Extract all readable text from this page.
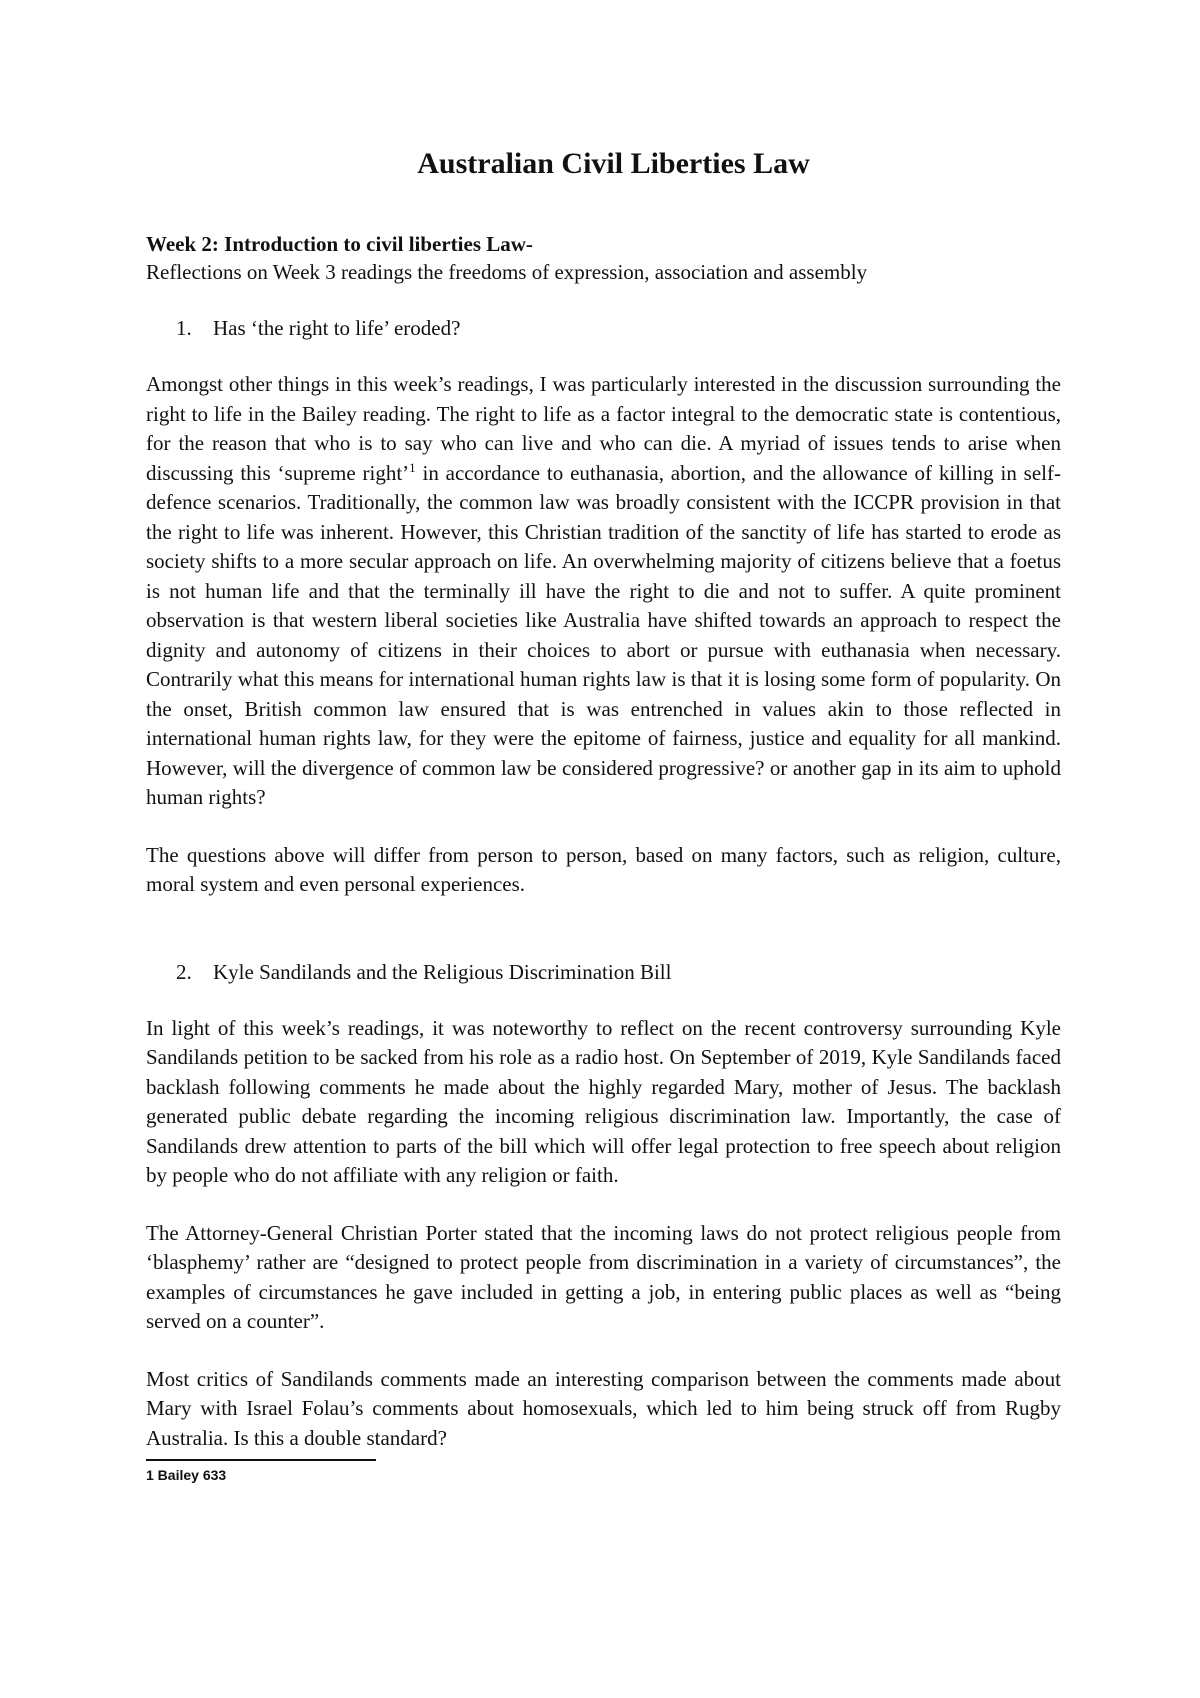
Australian Civil Liberties Law

Week 2: Introduction to civil liberties Law-

Reflections on Week 3 readings the freedoms of expression, association and assembly

1.	Has ‘the right to life’ eroded?

Amongst other things in this week’s readings, I was particularly interested in the discussion surrounding the right to life in the Bailey reading. The right to life as a factor integral to the democratic state is contentious, for the reason that who is to say who can live and who can die. A myriad of issues tends to arise when discussing this ‘supreme right’$^1$ in accordance to euthanasia, abortion, and the allowance of killing in self-defence scenarios. Traditionally, the common law was broadly consistent with the ICCPR provision in that the right to life was inherent. However, this Christian tradition of the sanctity of life has started to erode as society shifts to a more secular approach on life. An overwhelming majority of citizens believe that a foetus is not human life and that the terminally ill have the right to die and not to suffer. A quite prominent observation is that western liberal societies like Australia have shifted towards an approach to respect the dignity and autonomy of citizens in their choices to abort or pursue with euthanasia when necessary. Contrarily what this means for international human rights law is that it is losing some form of popularity. On the onset, British common law ensured that is was entrenched in values akin to those reflected in international human rights law, for they were the epitome of fairness, justice and equality for all mankind. However, will the divergence of common law be considered progressive? or another gap in its aim to uphold human rights?

The questions above will differ from person to person, based on many factors, such as religion, culture, moral system and even personal experiences.

2.	Kyle Sandilands and the Religious Discrimination Bill

In light of this week’s readings, it was noteworthy to reflect on the recent controversy surrounding Kyle Sandilands petition to be sacked from his role as a radio host. On September of 2019, Kyle Sandilands faced backlash following comments he made about the highly regarded Mary, mother of Jesus. The backlash generated public debate regarding the incoming religious discrimination law. Importantly, the case of Sandilands drew attention to parts of the bill which will offer legal protection to free speech about religion by people who do not affiliate with any religion or faith.

The Attorney-General Christian Porter stated that the incoming laws do not protect religious people from ‘blasphemy’ rather are “designed to protect people from discrimination in a variety of circumstances”, the examples of circumstances he gave included in getting a job, in entering public places as well as “being served on a counter”.

Most critics of Sandilands comments made an interesting comparison between the comments made about Mary with Israel Folau’s comments about homosexuals, which led to him being struck off from Rugby Australia. Is this a double standard?

1 Bailey 633
